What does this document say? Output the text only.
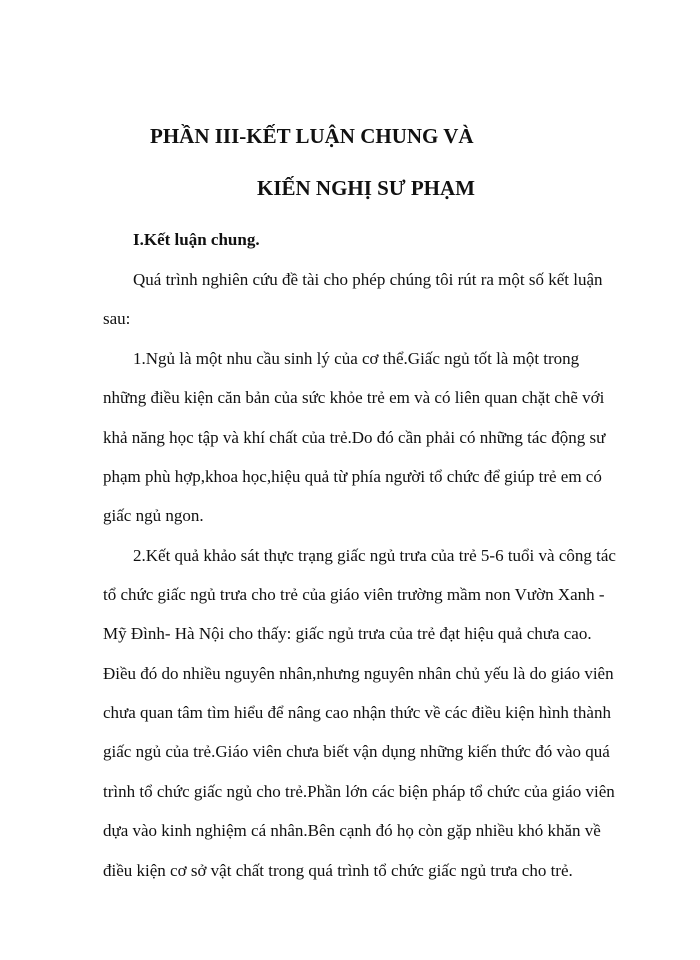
PHẦN III-KẾT LUẬN CHUNG VÀ
KIẾN NGHỊ SƯ PHẠM
I.Kết luận chung.
Quá trình nghiên cứu đề tài cho phép chúng tôi rút ra một số kết luận
sau:
1.Ngủ là một nhu cầu sinh lý của cơ thể.Giấc ngủ tốt là một trong
những điều kiện căn bản của sức khỏe trẻ em và có liên quan chặt chẽ với
khả năng học tập và khí chất của trẻ.Do đó cần phải có những tác động sư
phạm phù hợp,khoa học,hiệu quả từ phía người tổ chức để giúp trẻ em có
giấc ngủ ngon.
2.Kết quả khảo sát thực trạng giấc ngủ trưa của trẻ 5-6 tuổi và công tác
tổ chức giấc ngủ trưa cho trẻ của giáo viên trường mầm non Vườn Xanh -
Mỹ Đình- Hà Nội cho thấy: giấc ngủ trưa của trẻ đạt hiệu quả chưa cao.
Điều đó do nhiều nguyên nhân,nhưng nguyên nhân chủ yếu là do giáo viên
chưa quan tâm tìm hiểu để nâng cao nhận thức về các điều kiện hình thành
giấc ngủ của trẻ.Giáo viên chưa biết vận dụng những kiến thức đó vào quá
trình tổ chức giấc ngủ cho trẻ.Phần lớn các biện pháp tổ chức của giáo viên
dựa vào kinh nghiệm cá nhân.Bên cạnh đó họ còn gặp nhiều khó khăn về
điều kiện cơ sở vật chất trong quá trình tổ chức giấc ngủ trưa cho trẻ.
